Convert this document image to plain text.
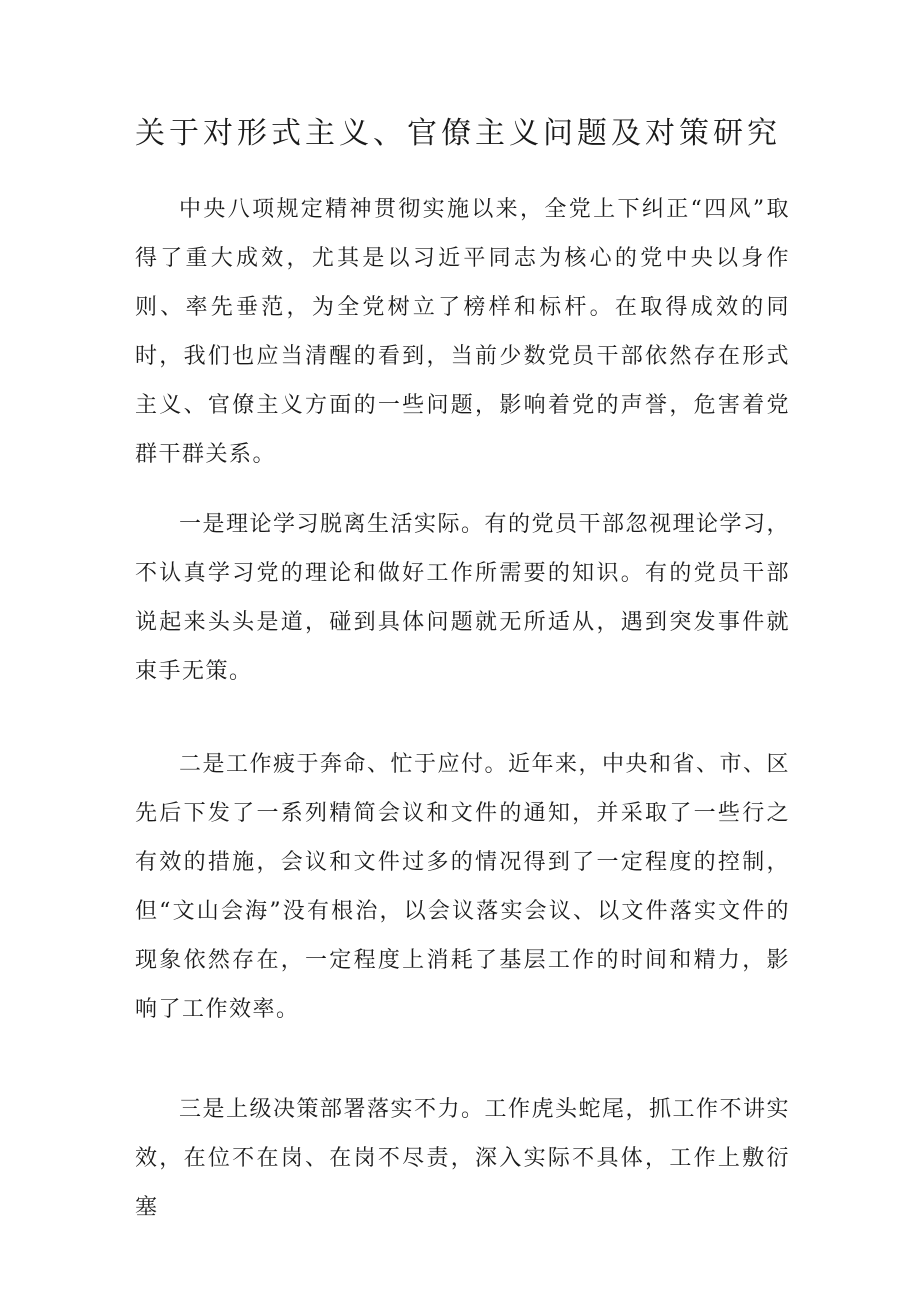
关于对形式主义、官僚主义问题及对策研究

中央八项规定精神贯彻实施以来，全党上下纠正“四风”取得了重大成效，尤其是以习近平同志为核心的党中央以身作则、率先垂范，为全党树立了榜样和标杆。在取得成效的同时，我们也应当清醒的看到，当前少数党员干部依然存在形式主义、官僚主义方面的一些问题，影响着党的声誉，危害着党群干群关系。

一是理论学习脱离生活实际。有的党员干部忽视理论学习，不认真学习党的理论和做好工作所需要的知识。有的党员干部说起来头头是道，碰到具体问题就无所适从，遇到突发事件就束手无策。

二是工作疲于奔命、忙于应付。近年来，中央和省、市、区先后下发了一系列精简会议和文件的通知，并采取了一些行之有效的措施，会议和文件过多的情况得到了一定程度的控制，但“文山会海”没有根治，以会议落实会议、以文件落实文件的现象依然存在，一定程度上消耗了基层工作的时间和精力，影响了工作效率。

三是上级决策部署落实不力。工作虎头蛇尾，抓工作不讲实效，在位不在岗、在岗不尽责，深入实际不具体，工作上敷衍塞
